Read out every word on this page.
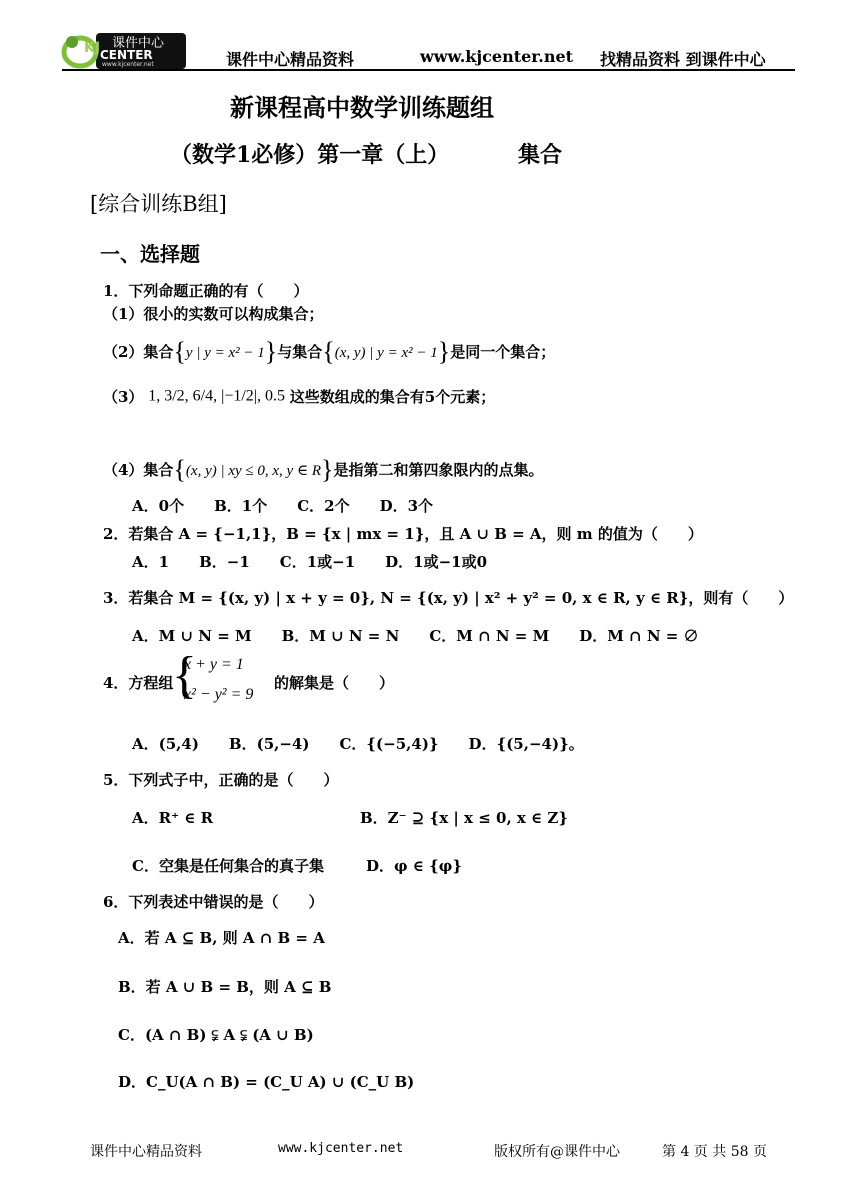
课件中心
KJ CENTER
www.kjcenter.net	课件中心精品资料	www.kjcenter.net 找精品资料 到课件中心
新课程高中数学训练题组
（数学1必修）第一章（上）	集合
[综合训练B组]
一、选择题
1．下列命题正确的有（　　）
（1）很小的实数可以构成集合；
（2）集合{y | y = x² − 1}与集合{(x, y) | y = x² − 1}是同一个集合；
（3） 1, 3/2, 6/4, |−1/2|, 0.5 这些数组成的集合有5个元素；
（4）集合{(x, y) | xy ≤ 0, x, y ∈ R}是指第二和第四象限内的点集。
A．0个　　B．1个　　C．2个　　D．3个
2．若集合 A = {−1,1}，B = {x | mx = 1}，且 A ∪ B = A，则 m 的值为（　　）
A．1　　B．−1　　C．1或−1　　D．1或−1或0
3．若集合 M = {(x, y) | x + y = 0}, N = {(x, y) | x² + y² = 0, x ∈ R, y ∈ R}，则有（　　）
A．M ∪ N = M　　B．M ∪ N = N　　C．M ∩ N = M　　D．M ∩ N = ∅
4．方程组
{
x + y = 1
x² − y² = 9
的解集是（　　）
A．(5,4)　　B．(5,−4)　　C．{(−5,4)}　　D．{(5,−4)}。
5．下列式子中，正确的是（　　）
A．R⁺ ∈ R	B．Z⁻ ⊇ {x | x ≤ 0, x ∈ Z}
C．空集是任何集合的真子集	D．φ ∈ {φ}
6．下列表述中错误的是（　　）
A．若 A ⊆ B, 则 A ∩ B = A
B．若 A ∪ B = B，则 A ⊆ B
C．(A ∩ B) ⫋ A ⫋ (A ∪ B)
D．C_U(A ∩ B) = (C_U A) ∪ (C_U B)
课件中心精品资料	www.kjcenter.net	版权所有@课件中心	第 4 页 共 58 页
